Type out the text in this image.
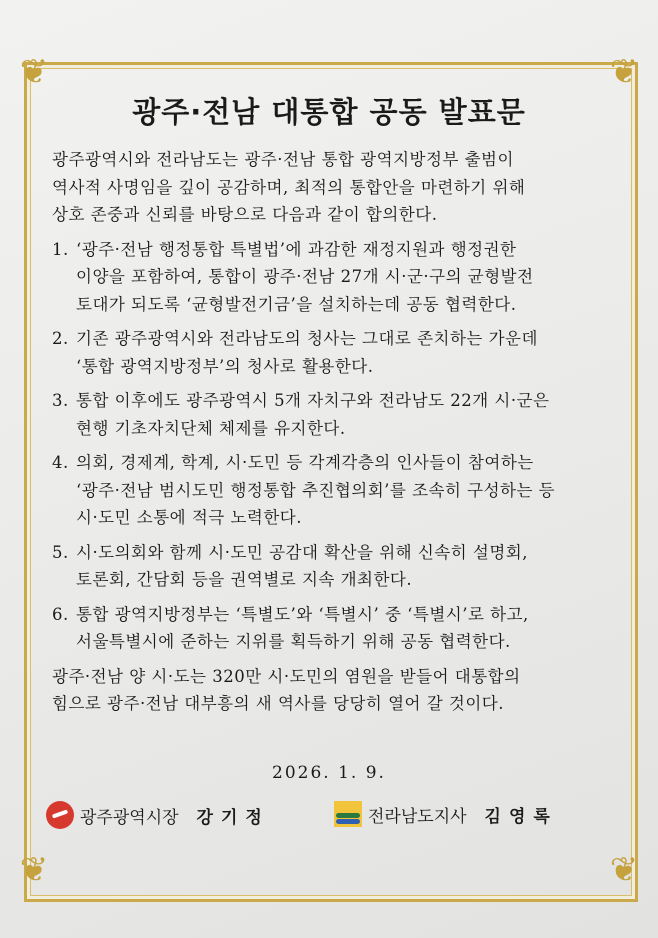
❦	❦
❦	❦
광주·전남 대통합 공동 발표문
광주광역시와 전라남도는 광주·전남 통합 광역지방정부 출범이
역사적 사명임을 깊이 공감하며, 최적의 통합안을 마련하기 위해
상호 존중과 신뢰를 바탕으로 다음과 같이 합의한다.
1. ‘광주·전남 행정통합 특별법’에 과감한 재정지원과 행정권한
이양을 포함하여, 통합이 광주·전남 27개 시·군·구의 균형발전
토대가 되도록 ‘균형발전기금’을 설치하는데 공동 협력한다.
2. 기존 광주광역시와 전라남도의 청사는 그대로 존치하는 가운데
‘통합 광역지방정부’의 청사로 활용한다.
3. 통합 이후에도 광주광역시 5개 자치구와 전라남도 22개 시·군은
현행 기초자치단체 체제를 유지한다.
4. 의회, 경제계, 학계, 시·도민 등 각계각층의 인사들이 참여하는
‘광주·전남 범시도민 행정통합 추진협의회’를 조속히 구성하는 등
시·도민 소통에 적극 노력한다.
5. 시·도의회와 함께 시·도민 공감대 확산을 위해 신속히 설명회,
토론회, 간담회 등을 권역별로 지속 개최한다.
6. 통합 광역지방정부는 ‘특별도’와 ‘특별시’ 중 ‘특별시’로 하고,
서울특별시에 준하는 지위를 획득하기 위해 공동 협력한다.
광주·전남 양 시·도는 320만 시·도민의 염원을 받들어 대통합의
힘으로 광주·전남 대부흥의 새 역사를 당당히 열어 갈 것이다.
2026. 1. 9.
광주광역시장 강기정	전라남도지사 김영록
